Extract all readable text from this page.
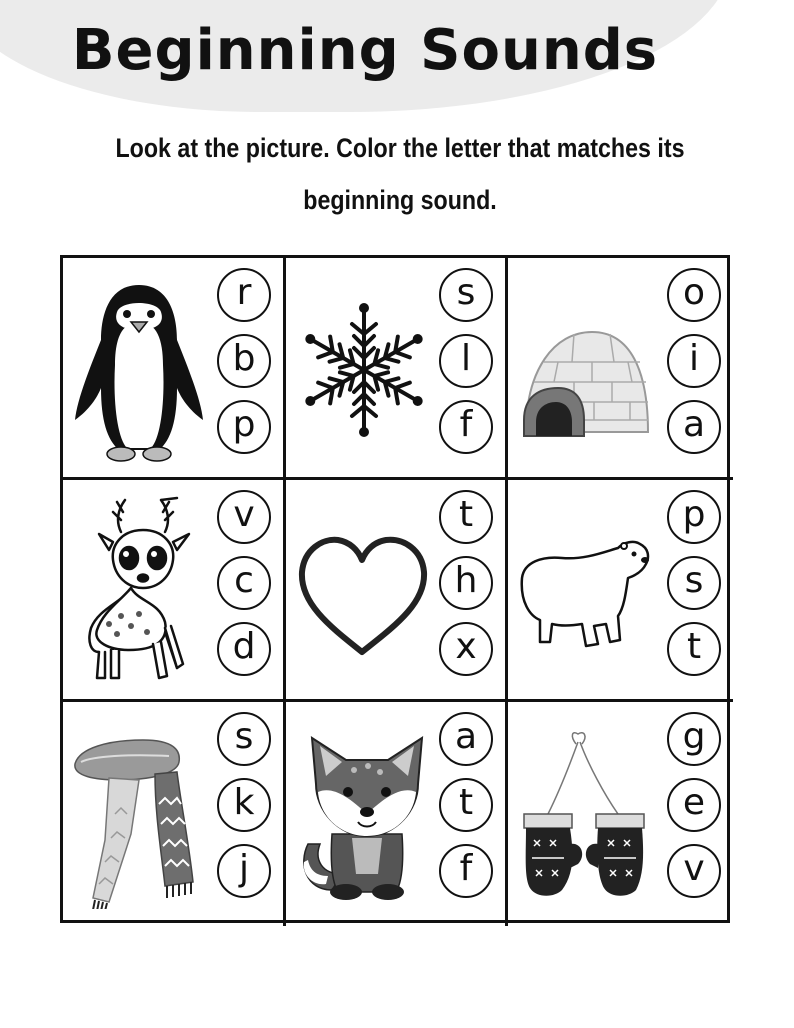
Beginning Sounds
Look at the picture. Color the letter that matches its
beginning sound.
r
b
p
s
l
f
o
i
a
v
c
d
t
h
x
p
s
t
s
k
j
a
t
f
g
e
v
